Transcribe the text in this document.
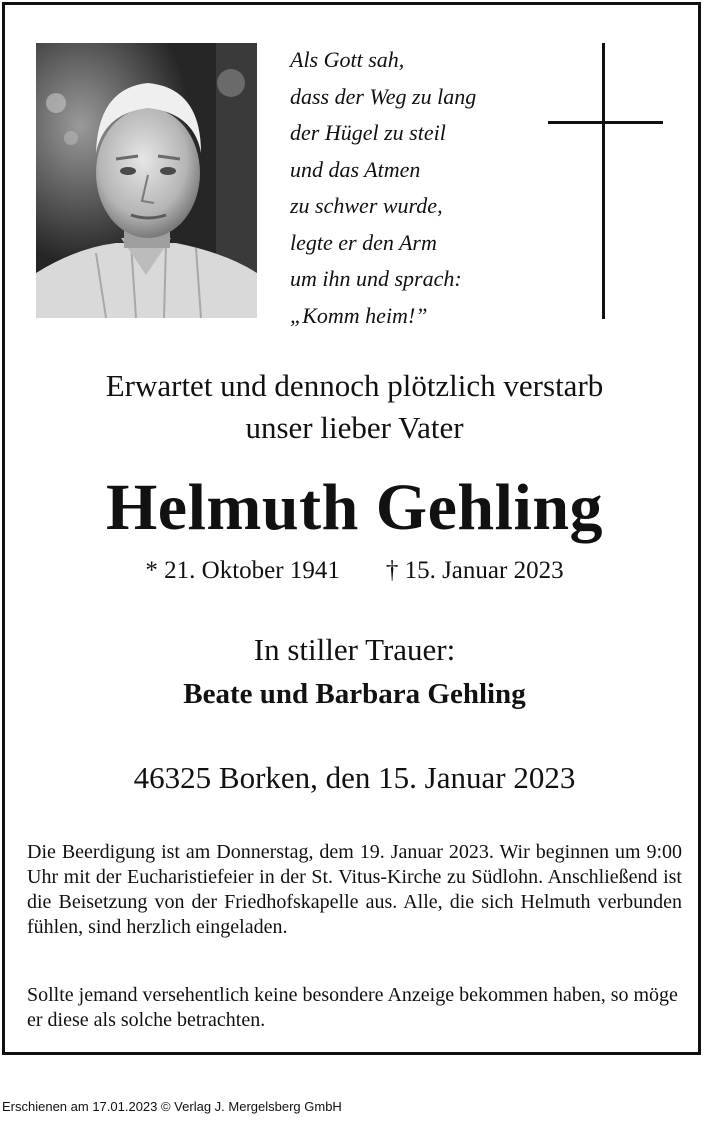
Als Gott sah,
dass der Weg zu lang
der Hügel zu steil
und das Atmen
zu schwer wurde,
legte er den Arm
um ihn und sprach:
„Komm heim!”
Erwartet und dennoch plötzlich verstarb
unser lieber Vater
Helmuth Gehling
* 21. Oktober 1941 † 15. Januar 2023
In stiller Trauer:
Beate und Barbara Gehling
46325 Borken, den 15. Januar 2023
Die Beerdigung ist am Donnerstag, dem 19. Januar 2023. Wir beginnen um 9:00 Uhr mit der Eucharistiefeier in der St. Vitus-Kirche zu Südlohn. Anschließend ist die Beisetzung von der Friedhofskapelle aus. Alle, die sich Helmuth verbunden fühlen, sind herzlich eingeladen.
Sollte jemand versehentlich keine besondere Anzeige bekommen haben, so möge er diese als solche betrachten.
Erschienen am 17.01.2023 © Verlag J. Mergelsberg GmbH
